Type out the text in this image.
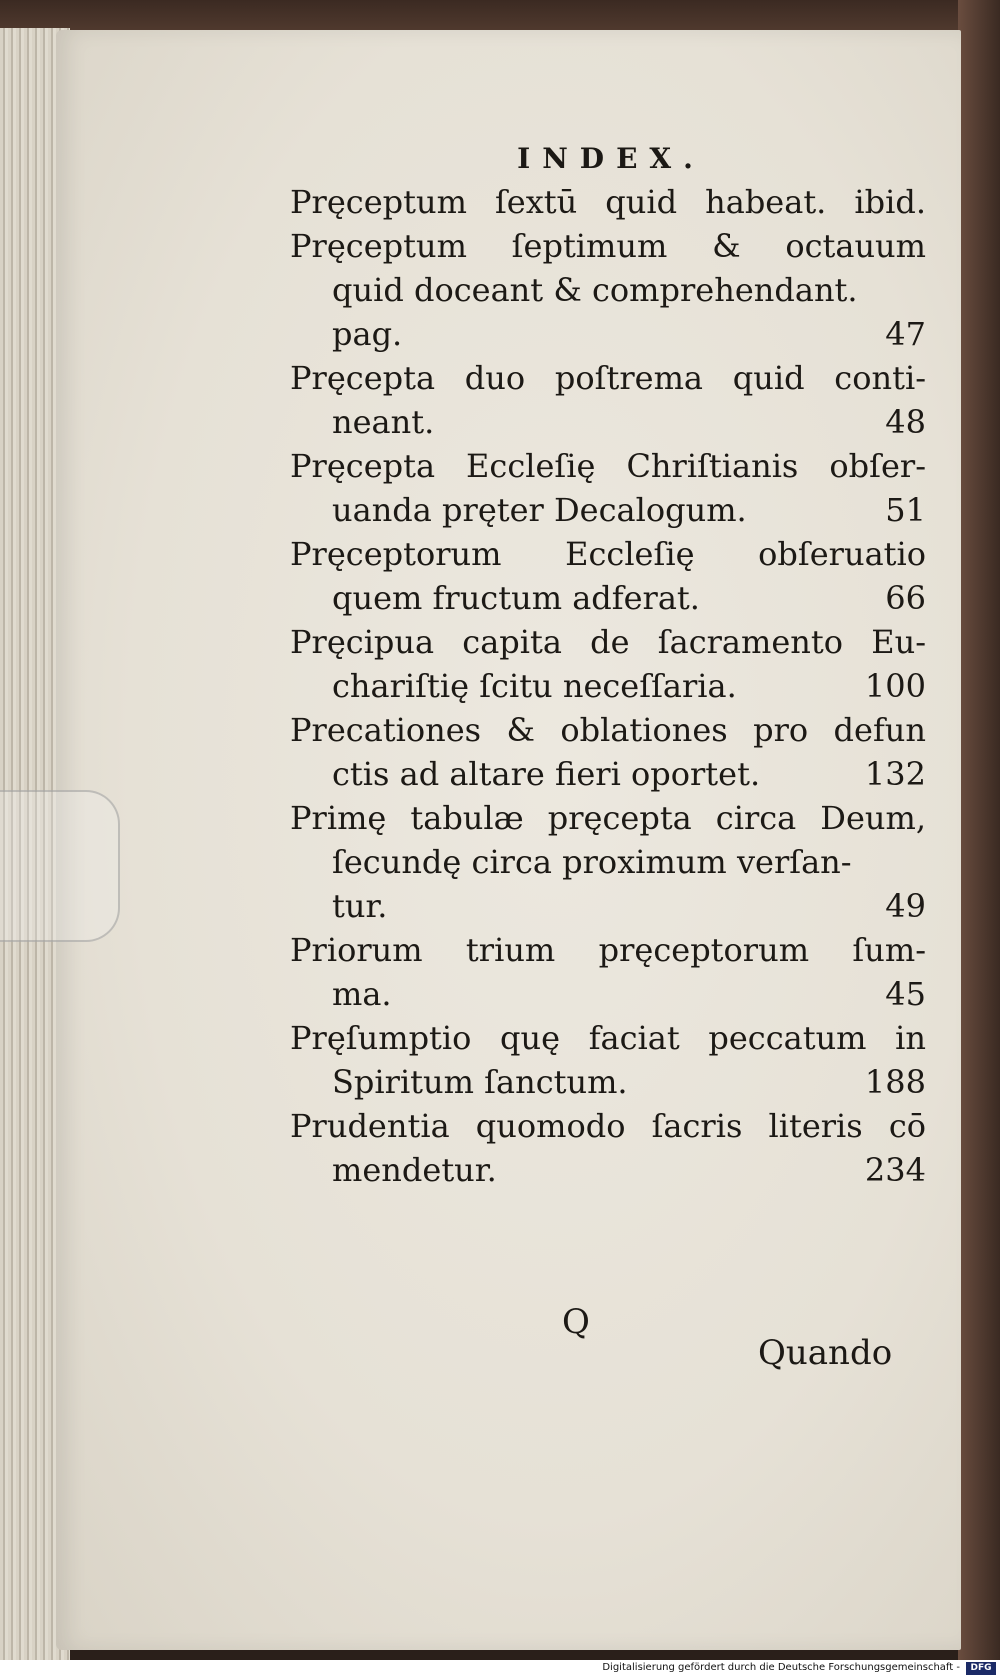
INDEX.
Pręceptum ſextū quid habeat. ibid.
Pręceptum ſeptimum & octauum
quid doceant & comprehendant.
pag.	47
Pręcepta duo poſtrema quid conti-
neant.	48
Pręcepta Eccleſię Chriſtianis obſer-
uanda pręter Decalogum.	51
Pręceptorum Eccleſię obſeruatio
quem fructum adferat.	66
Pręcipua capita de ſacramento Eu-
chariſtię ſcitu neceſſaria.	100
Precationes & oblationes pro defun
ctis ad altare fieri oportet.	132
Primę tabulæ pręcepta circa Deum,
ſecundę circa proximum verſan-
tur.	49
Priorum trium pręceptorum ſum-
ma.	45
Pręſumptio quę faciat peccatum in
Spiritum ſanctum.	188
Prudentia quomodo ſacris literis cō
mendetur.	234
Q
Quando
Digitalisierung gefördert durch die Deutsche Forschungsgemeinschaft -	DFG
